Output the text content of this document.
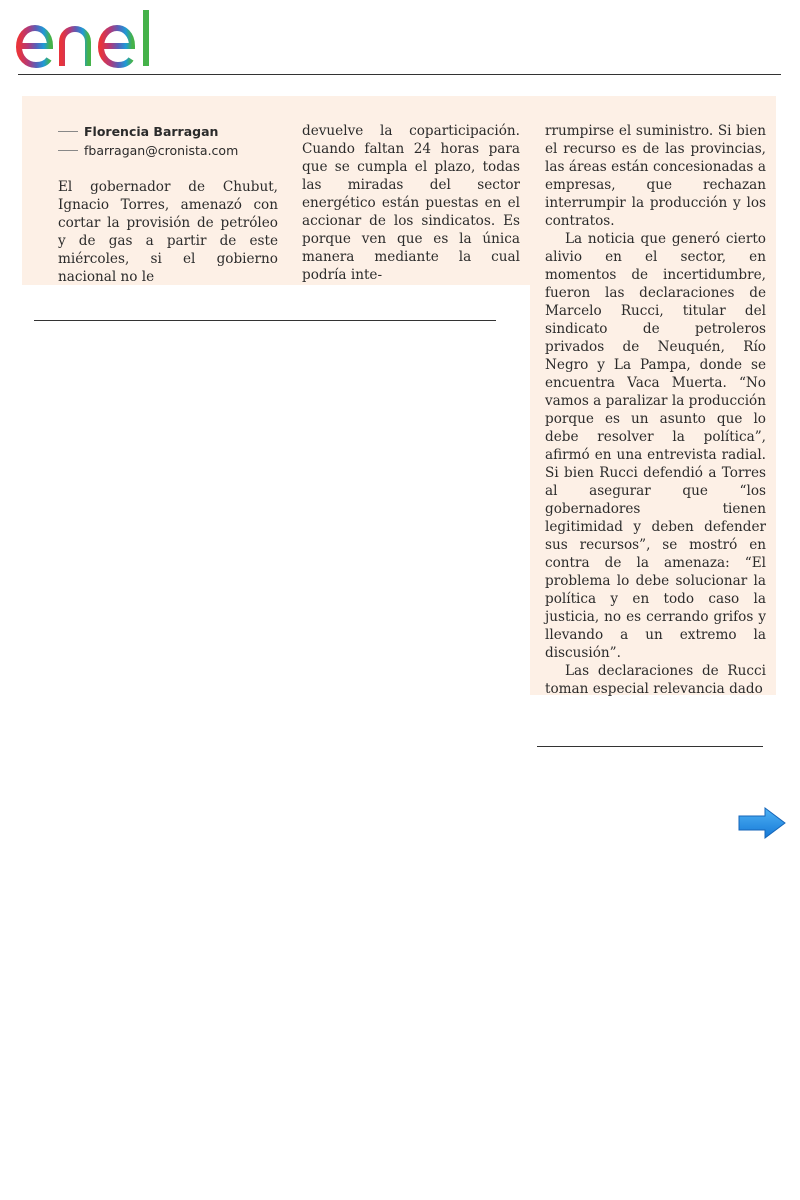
Florencia Barragan
fbarragan@cronista.com

El gobernador de Chubut, Ignacio Torres, amenazó con cortar la provisión de petróleo y de gas a partir de este miércoles, si el gobierno nacional no le

devuelve la coparticipación. Cuando faltan 24 horas para que se cumpla el plazo, todas las miradas del sector energético están puestas en el accionar de los sindicatos. Es porque ven que es la única manera mediante la cual podría inte-

rrumpirse el suministro. Si bien el recurso es de las provincias, las áreas están concesionadas a empresas, que rechazan interrumpir la producción y los contratos.

La noticia que generó cierto alivio en el sector, en momentos de incertidumbre, fueron las declaraciones de Marcelo Rucci, titular del sindicato de petroleros privados de Neuquén, Río Negro y La Pampa, donde se encuentra Vaca Muerta. “No vamos a paralizar la producción porque es un asunto que lo debe resolver la política”, afirmó en una entrevista radial. Si bien Rucci defendió a Torres al asegurar que “los gobernadores tienen legitimidad y deben defender sus recursos”, se mostró en contra de la amenaza: “El problema lo debe solucionar la política y en todo caso la justicia, no es cerrando grifos y llevando a un extremo la discusión”.

Las declaraciones de Rucci toman especial relevancia dado
